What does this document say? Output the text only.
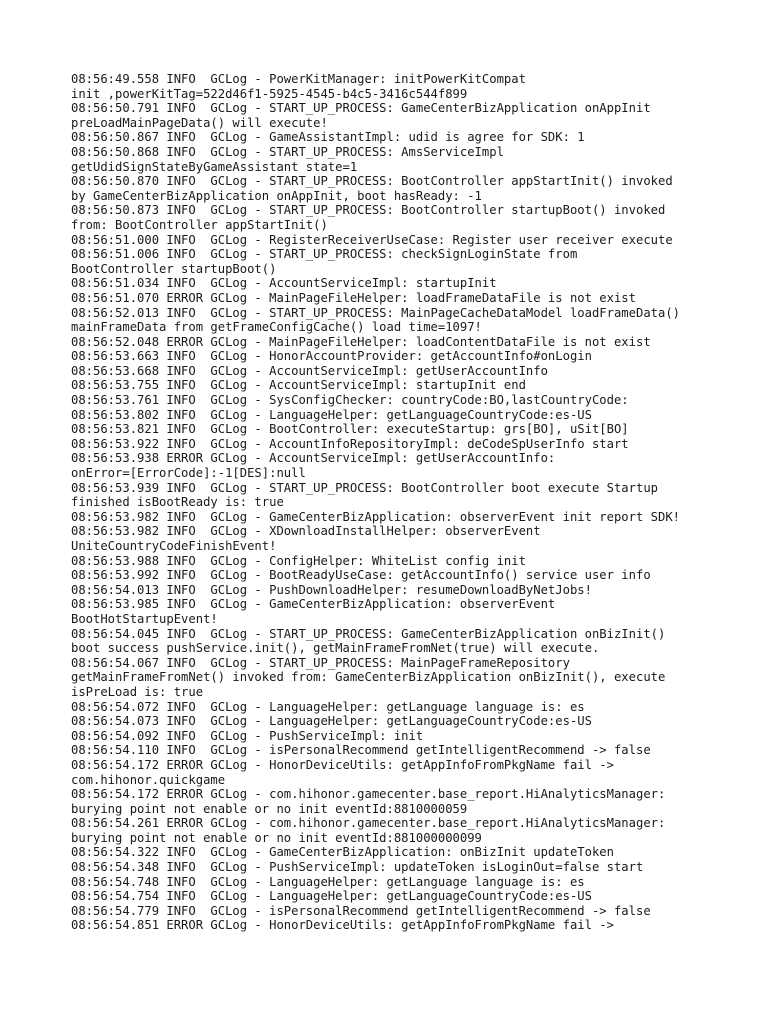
08:56:49.558 INFO  GCLog - PowerKitManager: initPowerKitCompat
init ,powerKitTag=522d46f1-5925-4545-b4c5-3416c544f899
08:56:50.791 INFO  GCLog - START_UP_PROCESS: GameCenterBizApplication onAppInit
preLoadMainPageData() will execute!
08:56:50.867 INFO  GCLog - GameAssistantImpl: udid is agree for SDK: 1
08:56:50.868 INFO  GCLog - START_UP_PROCESS: AmsServiceImpl
getUdidSignStateByGameAssistant state=1
08:56:50.870 INFO  GCLog - START_UP_PROCESS: BootController appStartInit() invoked
by GameCenterBizApplication onAppInit, boot hasReady: -1
08:56:50.873 INFO  GCLog - START_UP_PROCESS: BootController startupBoot() invoked
from: BootController appStartInit()
08:56:51.000 INFO  GCLog - RegisterReceiverUseCase: Register user receiver execute
08:56:51.006 INFO  GCLog - START_UP_PROCESS: checkSignLoginState from
BootController startupBoot()
08:56:51.034 INFO  GCLog - AccountServiceImpl: startupInit
08:56:51.070 ERROR GCLog - MainPageFileHelper: loadFrameDataFile is not exist
08:56:52.013 INFO  GCLog - START_UP_PROCESS: MainPageCacheDataModel loadFrameData()
mainFrameData from getFrameConfigCache() load time=1097!
08:56:52.048 ERROR GCLog - MainPageFileHelper: loadContentDataFile is not exist
08:56:53.663 INFO  GCLog - HonorAccountProvider: getAccountInfo#onLogin
08:56:53.668 INFO  GCLog - AccountServiceImpl: getUserAccountInfo
08:56:53.755 INFO  GCLog - AccountServiceImpl: startupInit end
08:56:53.761 INFO  GCLog - SysConfigChecker: countryCode:BO,lastCountryCode:
08:56:53.802 INFO  GCLog - LanguageHelper: getLanguageCountryCode:es-US
08:56:53.821 INFO  GCLog - BootController: executeStartup: grs[BO], uSit[BO]
08:56:53.922 INFO  GCLog - AccountInfoRepositoryImpl: deCodeSpUserInfo start
08:56:53.938 ERROR GCLog - AccountServiceImpl: getUserAccountInfo:
onError=[ErrorCode]:-1[DES]:null
08:56:53.939 INFO  GCLog - START_UP_PROCESS: BootController boot execute Startup
finished isBootReady is: true
08:56:53.982 INFO  GCLog - GameCenterBizApplication: observerEvent init report SDK!
08:56:53.982 INFO  GCLog - XDownloadInstallHelper: observerEvent
UniteCountryCodeFinishEvent!
08:56:53.988 INFO  GCLog - ConfigHelper: WhiteList config init
08:56:53.992 INFO  GCLog - BootReadyUseCase: getAccountInfo() service user info
08:56:54.013 INFO  GCLog - PushDownloadHelper: resumeDownloadByNetJobs!
08:56:53.985 INFO  GCLog - GameCenterBizApplication: observerEvent
BootHotStartupEvent!
08:56:54.045 INFO  GCLog - START_UP_PROCESS: GameCenterBizApplication onBizInit()
boot success pushService.init(), getMainFrameFromNet(true) will execute.
08:56:54.067 INFO  GCLog - START_UP_PROCESS: MainPageFrameRepository
getMainFrameFromNet() invoked from: GameCenterBizApplication onBizInit(), execute
isPreLoad is: true
08:56:54.072 INFO  GCLog - LanguageHelper: getLanguage language is: es
08:56:54.073 INFO  GCLog - LanguageHelper: getLanguageCountryCode:es-US
08:56:54.092 INFO  GCLog - PushServiceImpl: init
08:56:54.110 INFO  GCLog - isPersonalRecommend getIntelligentRecommend -> false
08:56:54.172 ERROR GCLog - HonorDeviceUtils: getAppInfoFromPkgName fail ->
com.hihonor.quickgame
08:56:54.172 ERROR GCLog - com.hihonor.gamecenter.base_report.HiAnalyticsManager:
burying point not enable or no init eventId:8810000059
08:56:54.261 ERROR GCLog - com.hihonor.gamecenter.base_report.HiAnalyticsManager:
burying point not enable or no init eventId:881000000099
08:56:54.322 INFO  GCLog - GameCenterBizApplication: onBizInit updateToken
08:56:54.348 INFO  GCLog - PushServiceImpl: updateToken isLoginOut=false start
08:56:54.748 INFO  GCLog - LanguageHelper: getLanguage language is: es
08:56:54.754 INFO  GCLog - LanguageHelper: getLanguageCountryCode:es-US
08:56:54.779 INFO  GCLog - isPersonalRecommend getIntelligentRecommend -> false
08:56:54.851 ERROR GCLog - HonorDeviceUtils: getAppInfoFromPkgName fail ->
